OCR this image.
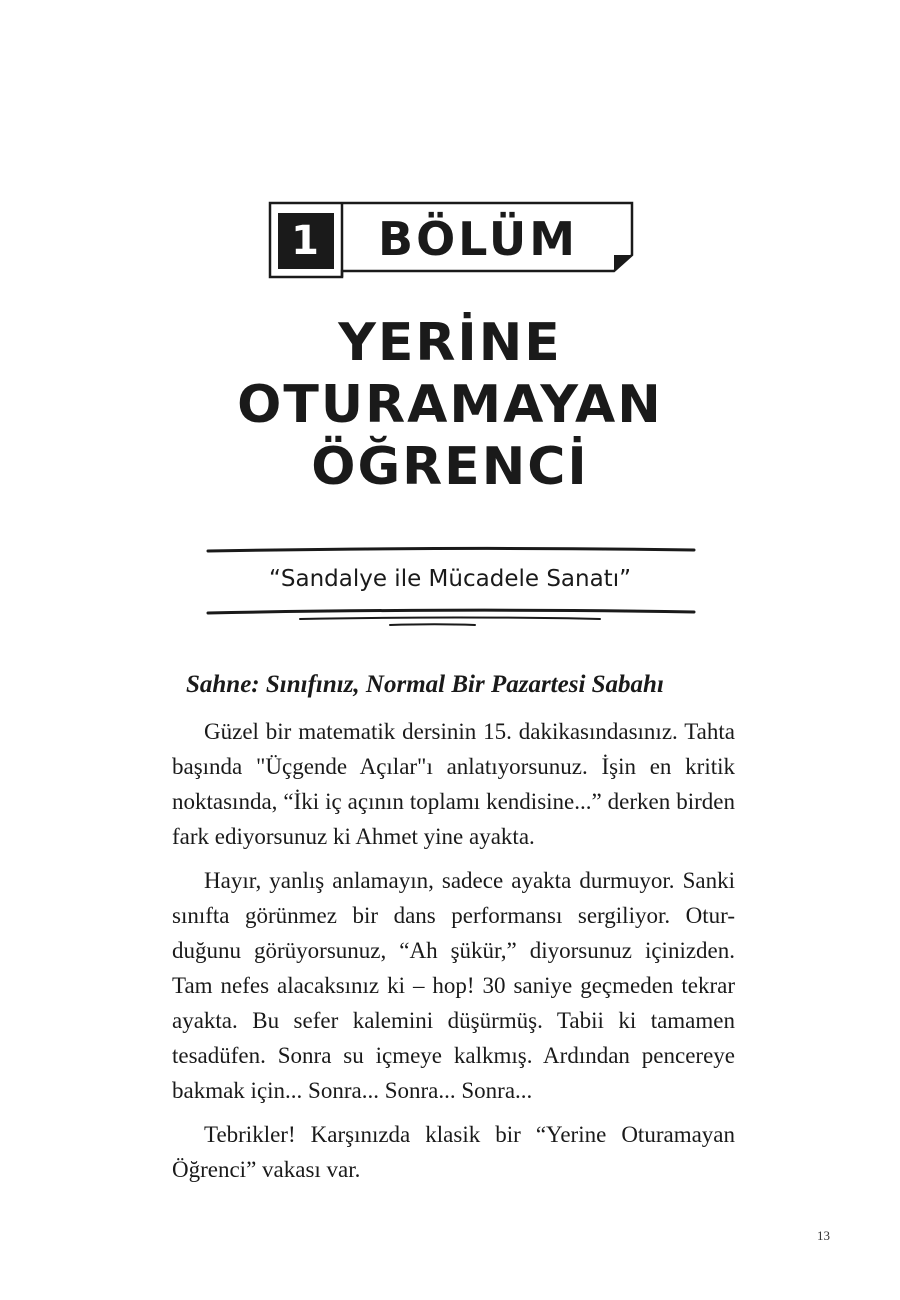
1	BÖLÜM
YERİNE
OTURAMAYAN
ÖĞRENCİ
“Sandalye ile Mücadele Sanatı”
Sahne: Sınıfınız, Normal Bir Pazartesi Sabahı

Güzel bir matematik dersinin 15. dakikasındasınız. Tahta başında "Üçgende Açılar"ı anlatıyorsunuz. İşin en kritik noktasında, “İki iç açının toplamı kendisine...” derken birden fark ediyorsunuz ki Ahmet yine ayakta.

Hayır, yanlış anlamayın, sadece ayakta durmuyor. Sanki sınıfta görünmez bir dans performansı sergiliyor. Otur-duğunu görüyorsunuz, “Ah şükür,” diyorsunuz içinizden. Tam nefes alacaksınız ki – hop! 30 saniye geçmeden tekrar ayakta. Bu sefer kalemini düşürmüş. Tabii ki tamamen tesadüfen. Sonra su içmeye kalkmış. Ardından pencereye bakmak için... Sonra... Sonra... Sonra...

Tebrikler! Karşınızda klasik bir “Yerine Oturamayan Öğrenci” vakası var.

13
